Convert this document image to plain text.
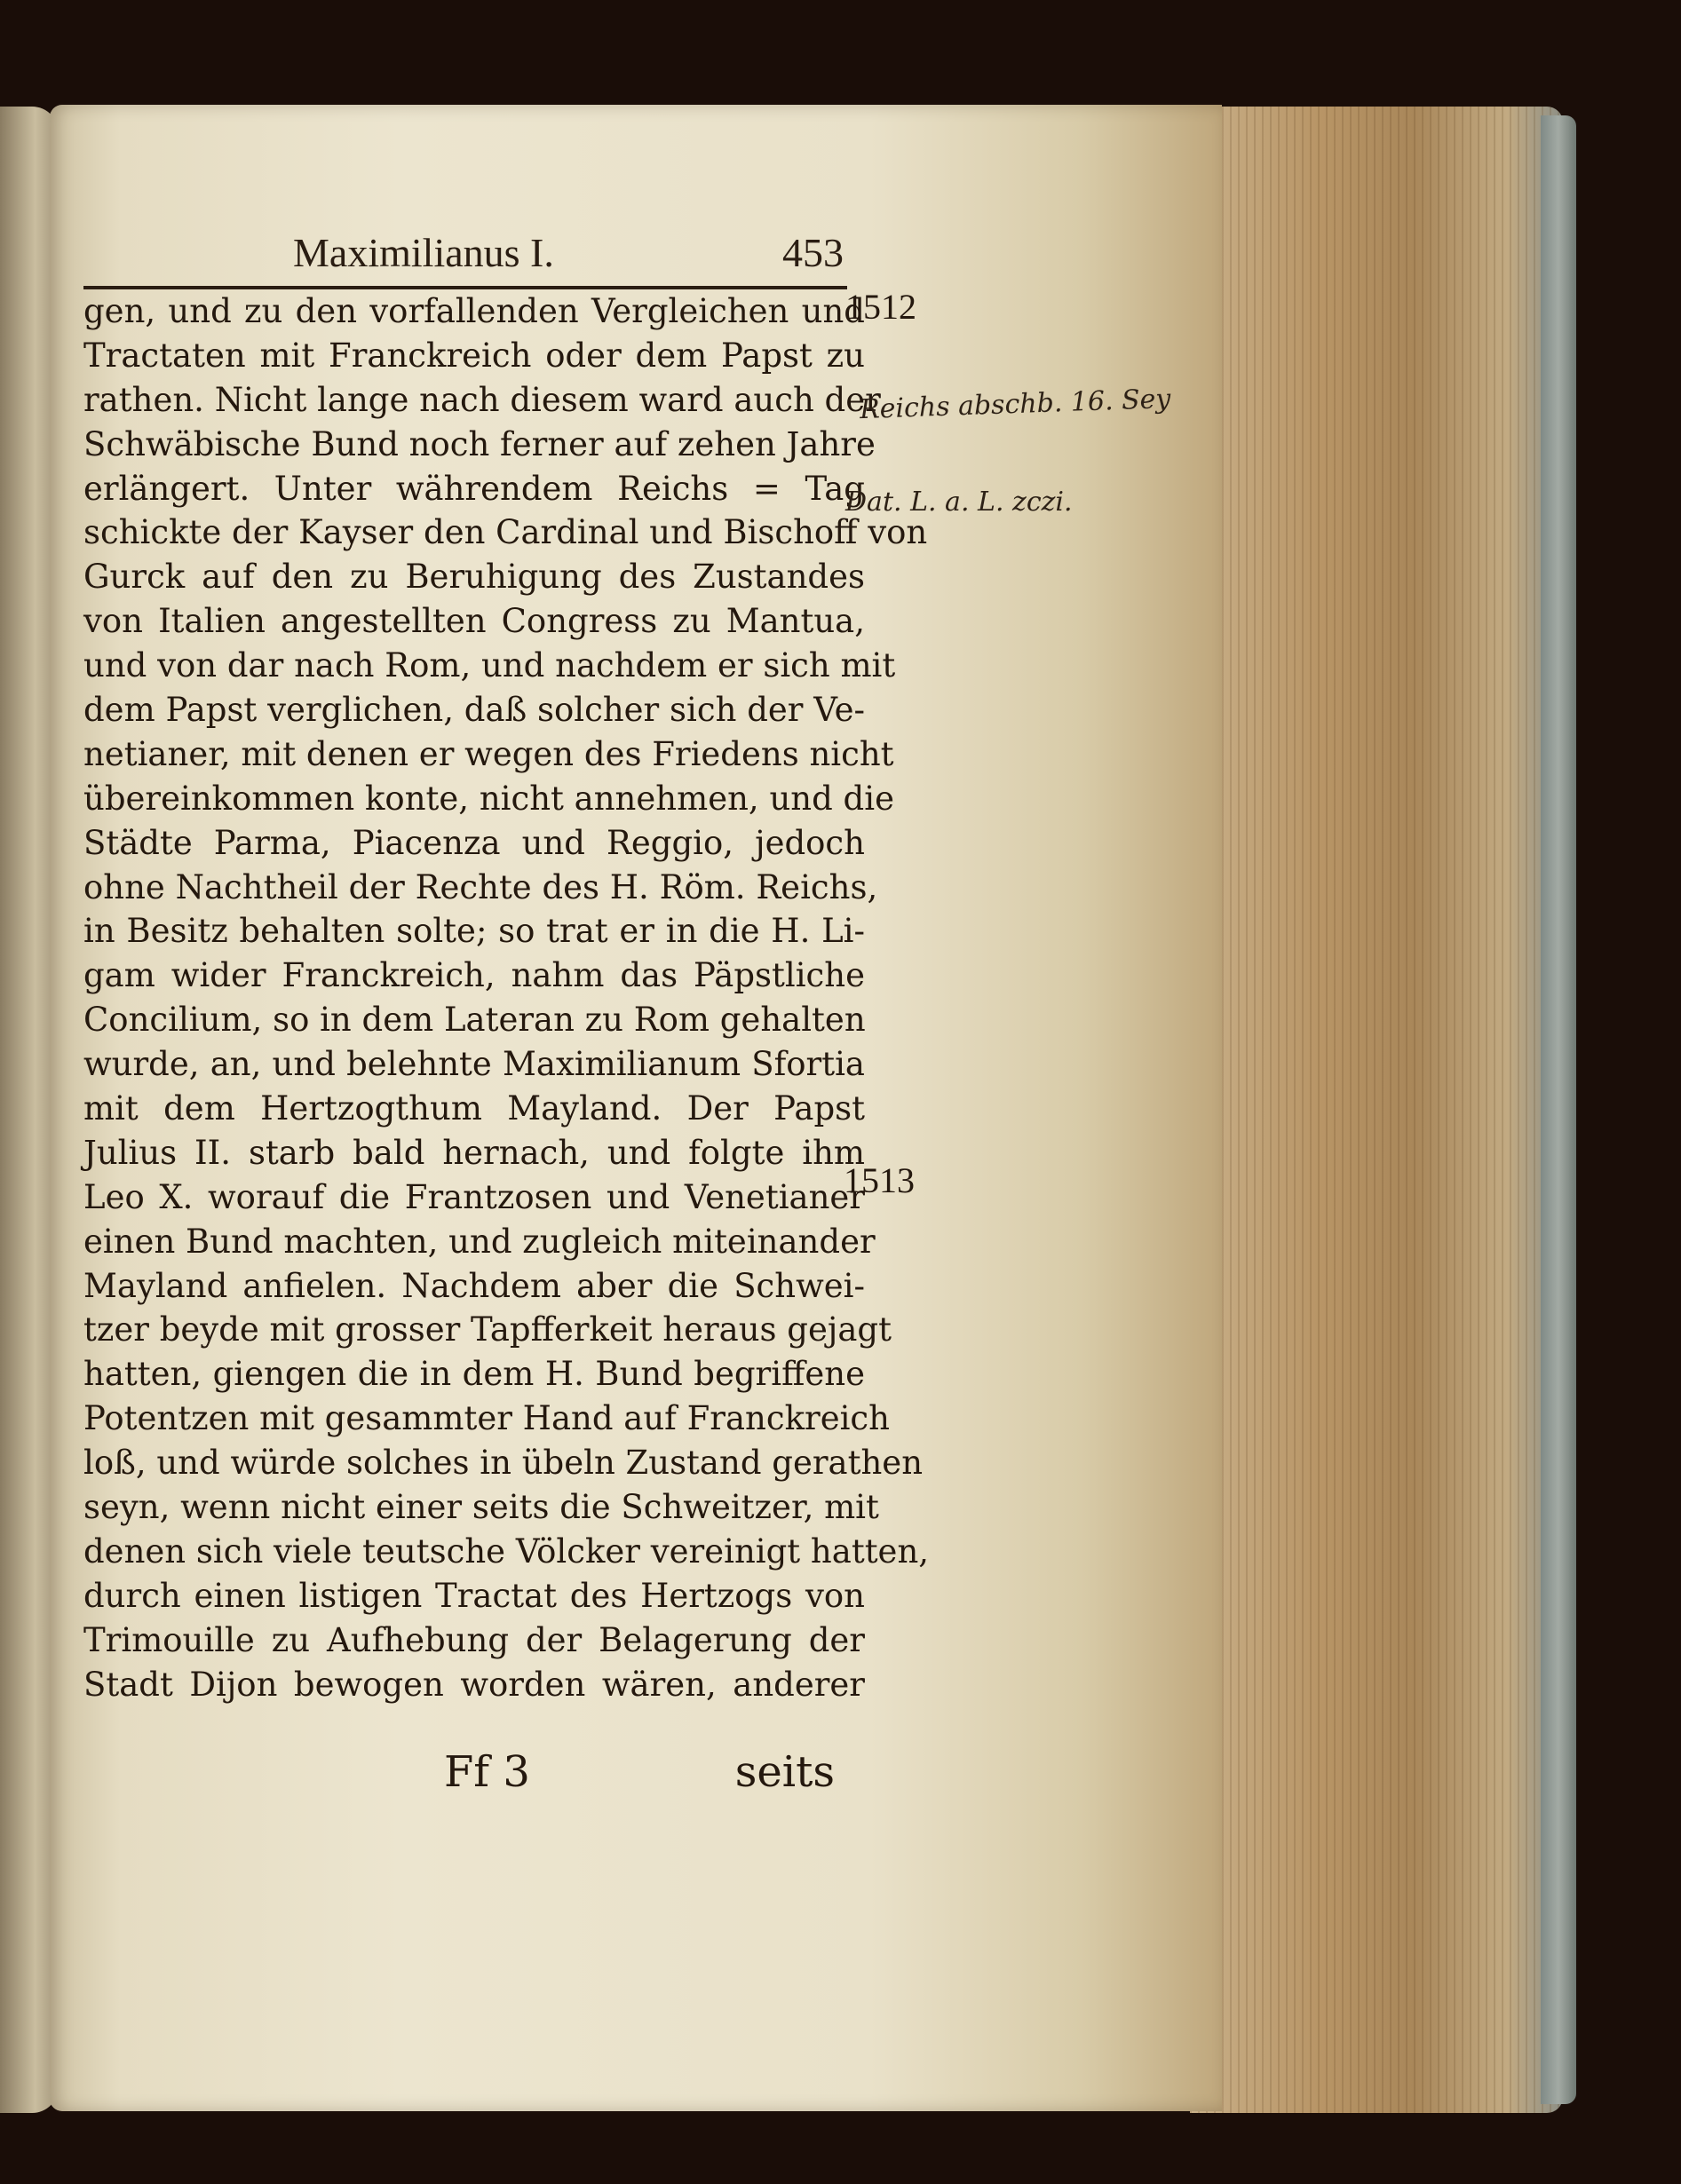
Maximilianus I.	453
gen, und zu den vorfallenden Vergleichen und
Tractaten mit Franckreich oder dem Papst zu
rathen. Nicht lange nach diesem ward auch der
Schwäbische Bund noch ferner auf zehen Jahre
erlängert. Unter währendem Reichs = Tag
schickte der Kayser den Cardinal und Bischoff von
Gurck auf den zu Beruhigung des Zustandes
von Italien angestellten Congress zu Mantua,
und von dar nach Rom, und nachdem er sich mit
dem Papst verglichen, daß solcher sich der Ve-
netianer, mit denen er wegen des Friedens nicht
übereinkommen konte, nicht annehmen, und die
Städte Parma, Piacenza und Reggio, jedoch
ohne Nachtheil der Rechte des H. Röm. Reichs,
in Besitz behalten solte; so trat er in die H. Li-
gam wider Franckreich, nahm das Päpstliche
Concilium, so in dem Lateran zu Rom gehalten
wurde, an, und belehnte Maximilianum Sfortia
mit dem Hertzogthum Mayland. Der Papst
Julius II. starb bald hernach, und folgte ihm
Leo X. worauf die Frantzosen und Venetianer
einen Bund machten, und zugleich miteinander
Mayland anfielen. Nachdem aber die Schwei-
tzer beyde mit grosser Tapfferkeit heraus gejagt
hatten, giengen die in dem H. Bund begriffene
Potentzen mit gesammter Hand auf Franckreich
loß, und würde solches in übeln Zustand gerathen
seyn, wenn nicht einer seits die Schweitzer, mit
denen sich viele teutsche Völcker vereinigt hatten,
durch einen listigen Tractat des Hertzogs von
Trimouille zu Aufhebung der Belagerung der
Stadt Dijon bewogen worden wären, anderer
1512
1513
Reichs abschb. 16. Sey
Dat. L. a. L. zczi.
Ff 3	seits
